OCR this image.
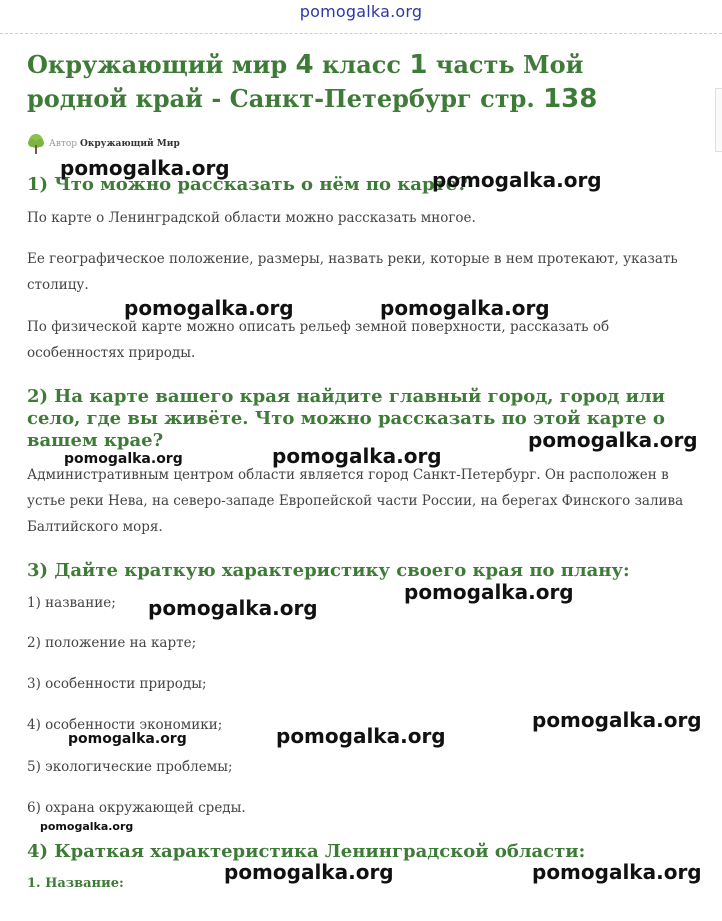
pomogalka.org
Окружающий мир 4 класс 1 часть Мой родной край - Санкт-Петербург стр. 138
Автор Окружающий Мир
1) Что можно рассказать о нём по карте?

По карте о Ленинградской области можно рассказать многое.

Ее географическое положение, размеры, назвать реки, которые в нем протекают, указать столицу.

По физической карте можно описать рельеф земной поверхности, рассказать об особенностях природы.

2) На карте вашего края найдите главный город, город или село, где вы живёте. Что можно рассказать по этой карте о вашем крае?

Административным центром области является город Санкт-Петербург. Он расположен в устье реки Нева, на северо-западе Европейской части России, на берегах Финского залива Балтийского моря.

3) Дайте краткую характеристику своего края по плану:

1) название;

2) положение на карте;

3) особенности природы;

4) особенности экономики;

5) экологические проблемы;

6) охрана окружающей среды.

4) Краткая характеристика Ленинградской области:
1. Название:
pomogalka.org	pomogalka.org
pomogalka.org	pomogalka.org
pomogalka.org
pomogalka.org
pomogalka.org
pomogalka.org
pomogalka.org
pomogalka.org
pomogalka.org
pomogalka.org
pomogalka.org
pomogalka.org	pomogalka.org
